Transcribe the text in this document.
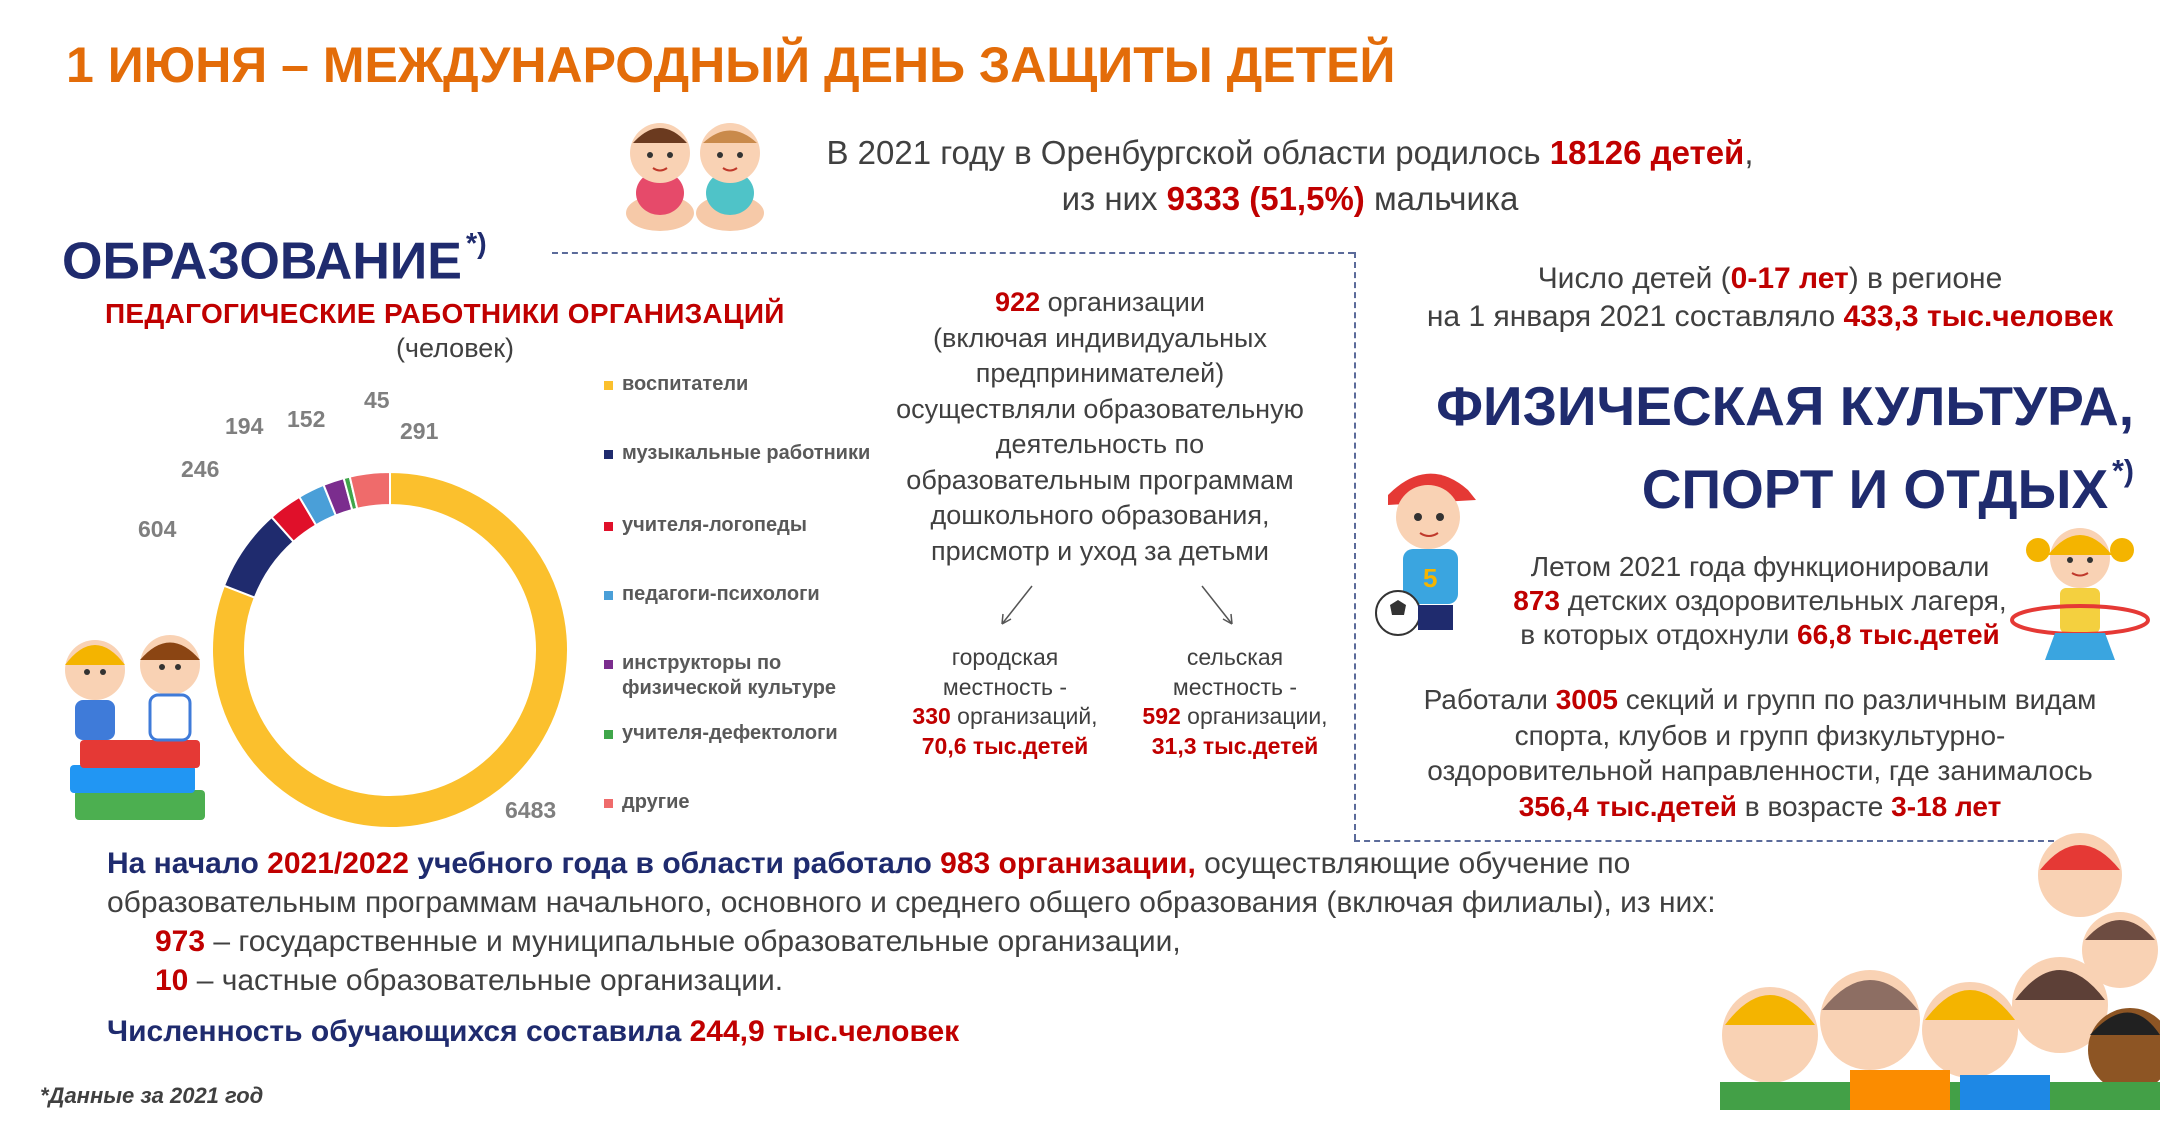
1 ИЮНЯ – МЕЖДУНАРОДНЫЙ ДЕНЬ ЗАЩИТЫ ДЕТЕЙ
В 2021 году в Оренбургской области родилось 18126 детей,
из них 9333 (51,5%) мальчика
ОБРАЗОВАНИЕ *)
ПЕДАГОГИЧЕСКИЕ РАБОТНИКИ ОРГАНИЗАЦИЙ
(человек)
6483
604
246
194 152
45
291
воспитатели
музыкальные работники
учителя-логопеды
педагоги-психологи
инструкторы по физической культуре
учителя-дефектологи
другие
922 организации
(включая индивидуальных
предпринимателей)
осуществляли образовательную
деятельность по
образовательным программам
дошкольного образования,
присмотр и уход за детьми
городская
местность -
330 организаций,
70,6 тыс.детей
сельская
местность -
592 организации,
31,3 тыс.детей
Число детей (0-17 лет) в регионе
на 1 января 2021 составляло 433,3 тыс.человек
ФИЗИЧЕСКАЯ КУЛЬТУРА,
СПОРТ И ОТДЫХ *)
5	Летом 2021 года функционировали
873 детских оздоровительных лагеря,
в которых отдохнули 66,8 тыс.детей
Работали 3005 секций и групп по различным видам
спорта, клубов и групп физкультурно-
оздоровительной направленности, где занималось
356,4 тыс.детей в возрасте 3-18 лет
На начало 2021/2022 учебного года в области работало 983 организации, осуществляющие обучение по
образовательным программам начального, основного и среднего общего образования (включая филиалы), из них:
973 – государственные и муниципальные образовательные организации,
10 – частные образовательные организации.
Численность обучающихся составила 244,9 тыс.человек
*Данные за 2021 год
